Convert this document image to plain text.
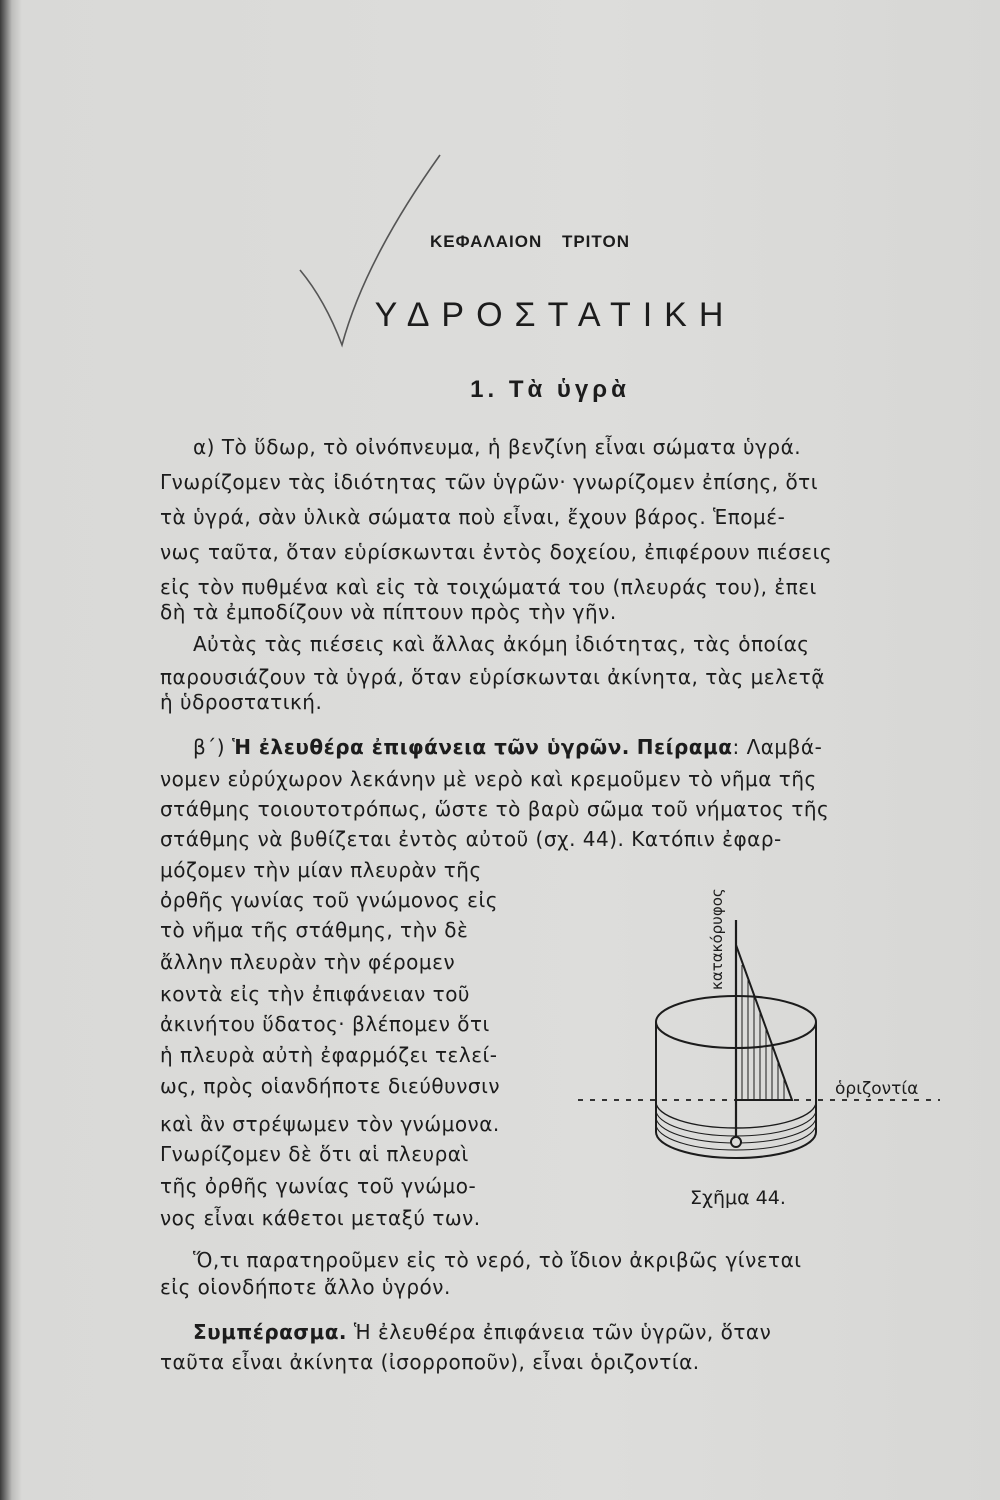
ΚΕΦΑΛΑΙΟΝ ΤΡΙΤΟΝ
ΥΔΡΟΣΤΑΤΙΚΗ
1. Τὰ ὑγρὰ
α) Τὸ ὕδωρ, τὸ οἰνόπνευμα, ἡ βενζίνη εἶναι σώματα ὑγρά.
Γνωρίζομεν τὰς ἰδιότητας τῶν ὑγρῶν· γνωρίζομεν ἐπίσης, ὅτι
τὰ ὑγρά, σὰν ὑλικὰ σώματα ποὺ εἶναι, ἔχουν βάρος. Ἑπομέ-
νως ταῦτα, ὅταν εὑρίσκωνται ἐντὸς δοχείου, ἐπιφέρουν πιέσεις
εἰς τὸν πυθμένα καὶ εἰς τὰ τοιχώματά του (πλευράς του), ἐπει
δὴ τὰ ἐμποδίζουν νὰ πίπτουν πρὸς τὴν γῆν.
Αὐτὰς τὰς πιέσεις καὶ ἄλλας ἀκόμη ἰδιότητας, τὰς ὁποίας
παρουσιάζουν τὰ ὑγρά, ὅταν εὑρίσκωνται ἀκίνητα, τὰς μελετᾷ
ἡ ὑδροστατική.
β΄) Ἡ ἐλευθέρα ἐπιφάνεια τῶν ὑγρῶν. Πείραμα: Λαμβά-
νομεν εὐρύχωρον λεκάνην μὲ νερὸ καὶ κρεμοῦμεν τὸ νῆμα τῆς
στάθμης τοιουτοτρόπως, ὥστε τὸ βαρὺ σῶμα τοῦ νήματος τῆς
στάθμης νὰ βυθίζεται ἐντὸς αὐτοῦ (σχ. 44). Κατόπιν ἐφαρ-
μόζομεν τὴν μίαν πλευρὰν τῆς
ὀρθῆς γωνίας τοῦ γνώμονος εἰς
τὸ νῆμα τῆς στάθμης, τὴν δὲ
ἄλλην πλευρὰν τὴν φέρομεν
κοντὰ εἰς τὴν ἐπιφάνειαν τοῦ
ἀκινήτου ὕδατος· βλέπομεν ὅτι
ἡ πλευρὰ αὐτὴ ἐφαρμόζει τελεί-
ως, πρὸς οἱανδήποτε διεύθυνσιν
καὶ ἂν στρέψωμεν τὸν γνώμονα.
Γνωρίζομεν δὲ ὅτι αἱ πλευραὶ
τῆς ὀρθῆς γωνίας τοῦ γνώμο-
νος εἶναι κάθετοι μεταξύ των.
κατακόρυφος
ὁριζοντία
Σχῆμα 44.
Ὅ,τι παρατηροῦμεν εἰς τὸ νερό, τὸ ἴδιον ἀκριβῶς γίνεται
εἰς οἱονδήποτε ἄλλο ὑγρόν.
Συμπέρασμα. Ἡ ἐλευθέρα ἐπιφάνεια τῶν ὑγρῶν, ὅταν
ταῦτα εἶναι ἀκίνητα (ἰσορροποῦν), εἶναι ὁριζοντία.
